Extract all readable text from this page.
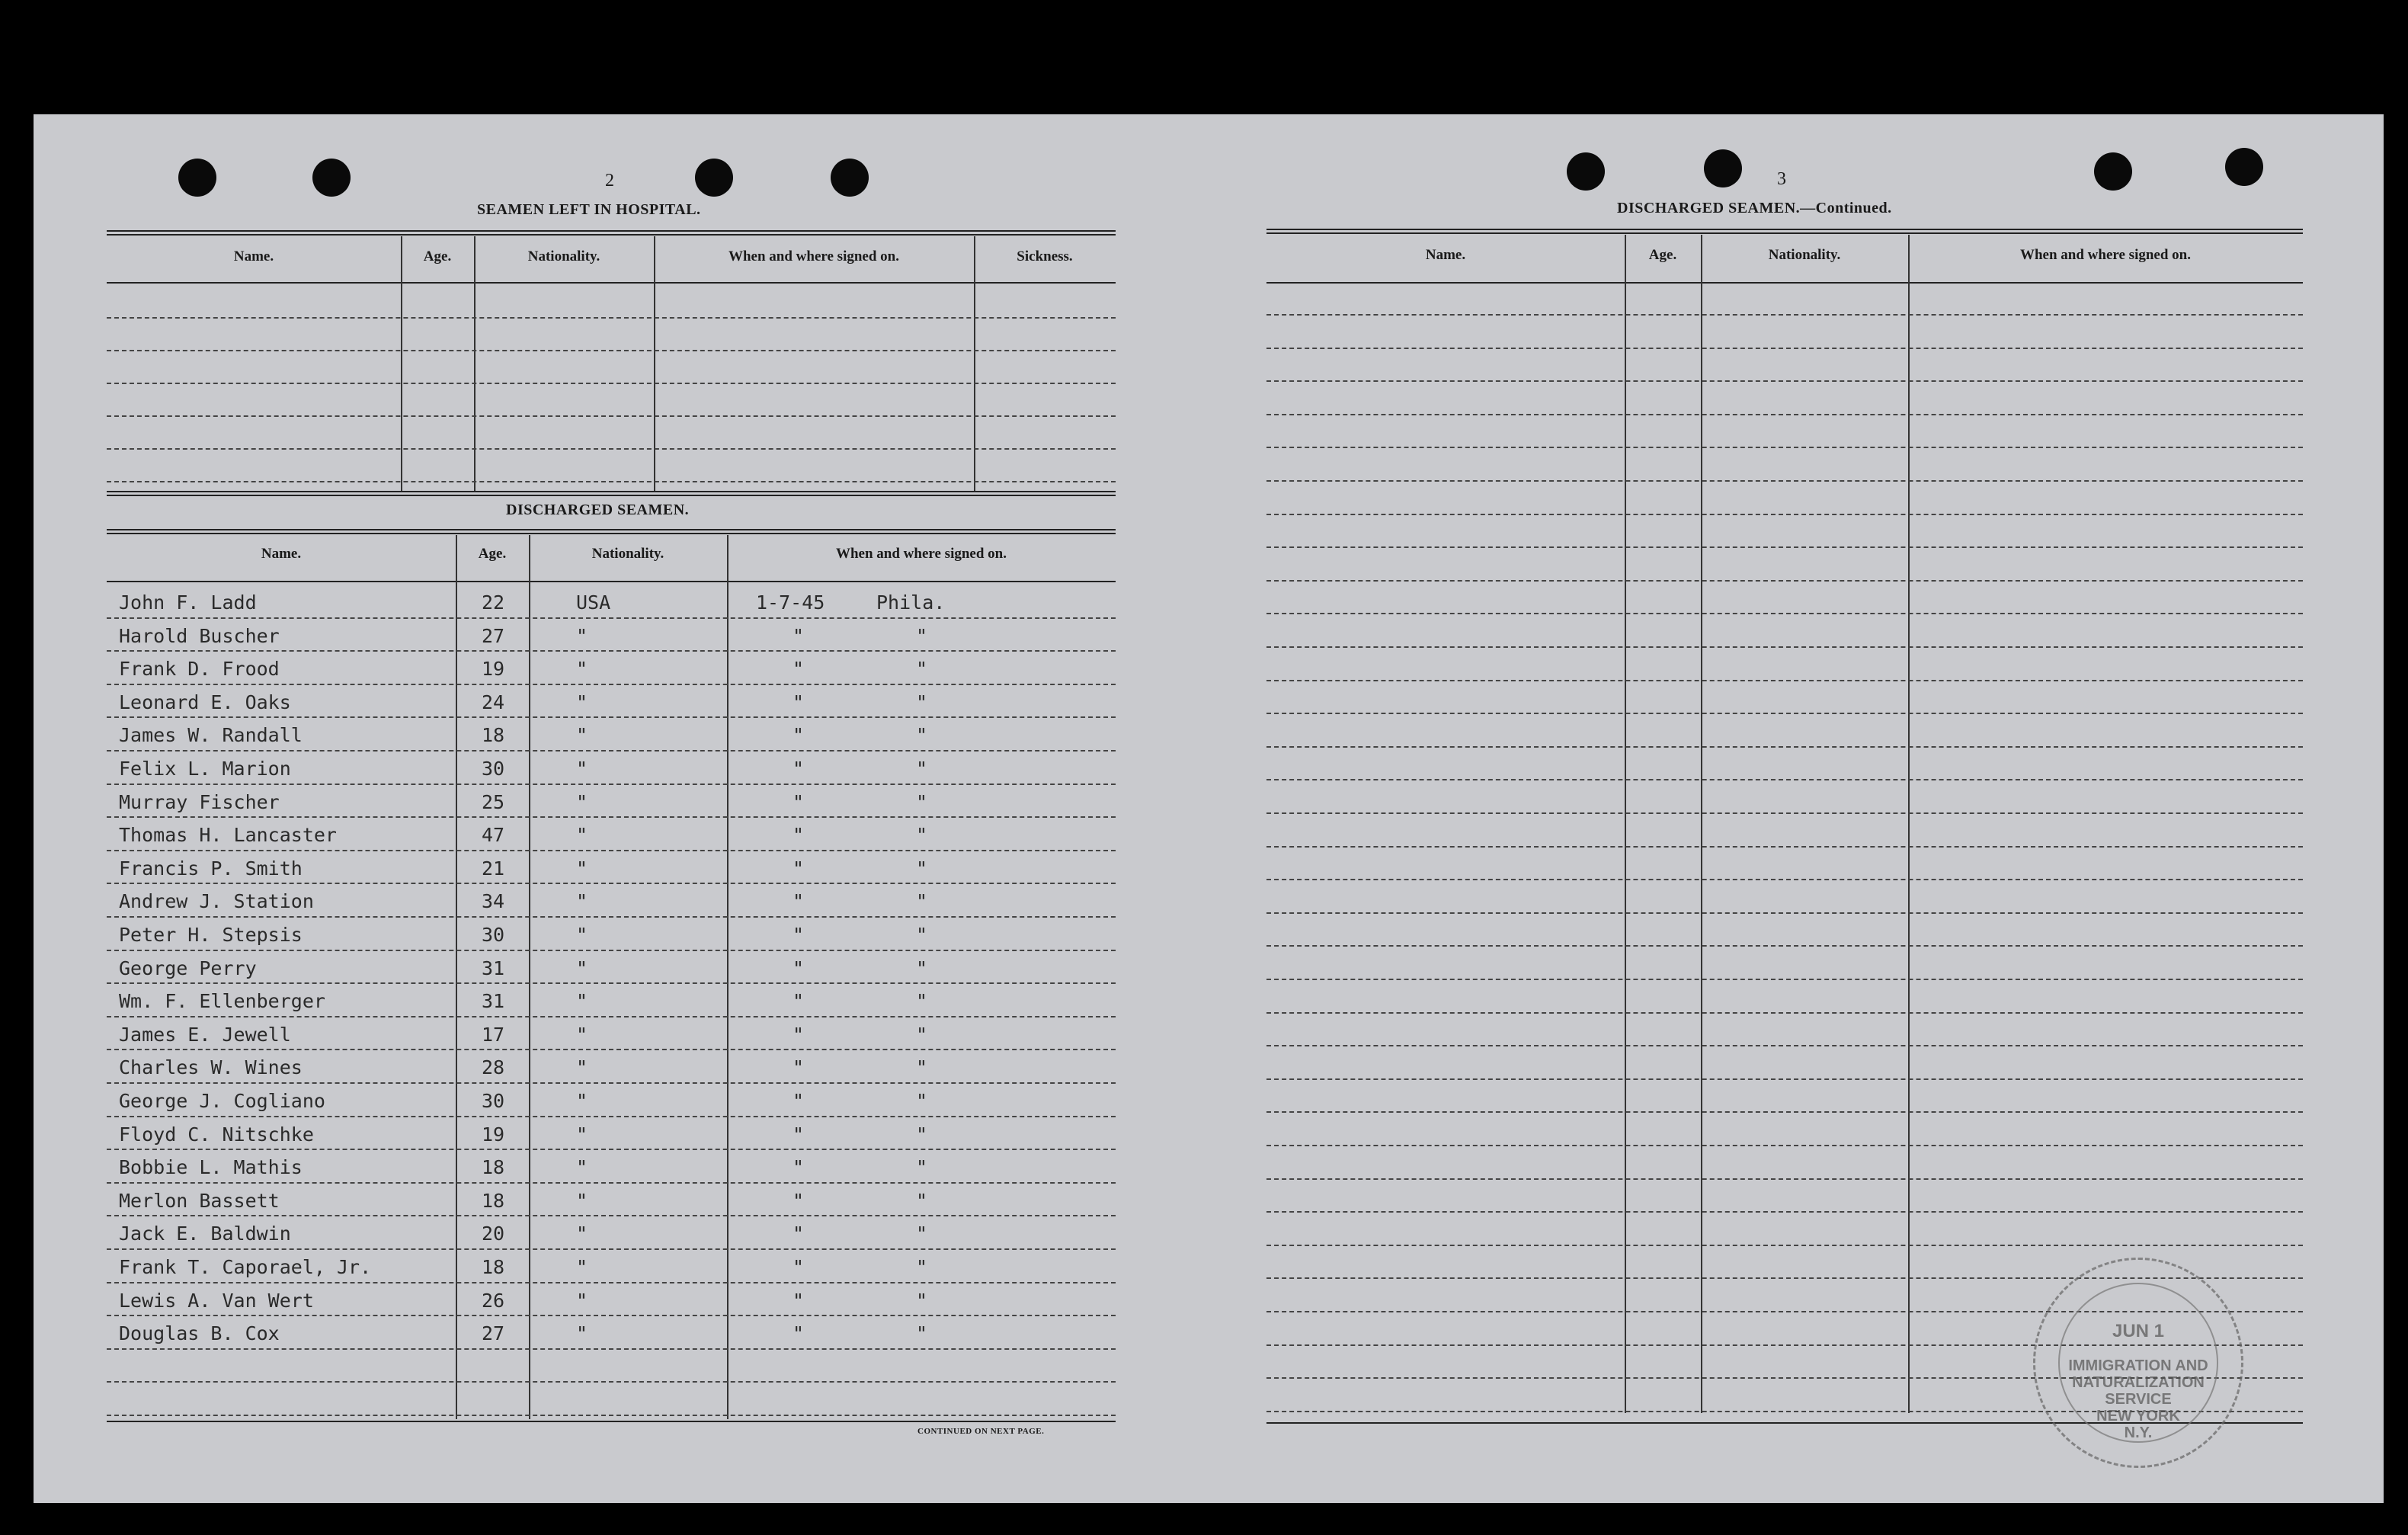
2
SEAMEN LEFT IN HOSPITAL.
Name.	Age.	Nationality.	When and where signed on.	Sickness.
DISCHARGED SEAMEN.
Name.	Age.	Nationality.	When and where signed on.
John F. Ladd	22	USA	1-7-45	Phila.
Harold Buscher	27	"	"	"
Frank D. Frood	19	"	"	"
Leonard E. Oaks	24	"	"	"
James W. Randall	18	"	"	"
Felix L. Marion	30	"	"	"
Murray Fischer	25	"	"	"
Thomas H. Lancaster	47	"	"	"
Francis P. Smith	21	"	"	"
Andrew J. Station	34	"	"	"
Peter H. Stepsis	30	"	"	"
George Perry	31	"	"	"
Wm. F. Ellenberger	31	"	"	"
James E. Jewell	17	"	"	"
Charles W. Wines	28	"	"	"
George J. Cogliano	30	"	"	"
Floyd C. Nitschke	19	"	"	"
Bobbie L. Mathis	18	"	"	"
Merlon Bassett	18	"	"	"
Jack E. Baldwin	20	"	"	"
Frank T. Caporael, Jr.	18	"	"	"
Lewis A. Van Wert	26	"	"	"
Douglas B. Cox	27	"	"	"
CONTINUED ON NEXT PAGE.
3
DISCHARGED SEAMEN.—Continued.
Name.	Age.	Nationality.	When and where signed on.
JUN 1
IMMIGRATION AND
NATURALIZATION
SERVICE
NEW YORK
N.Y.
